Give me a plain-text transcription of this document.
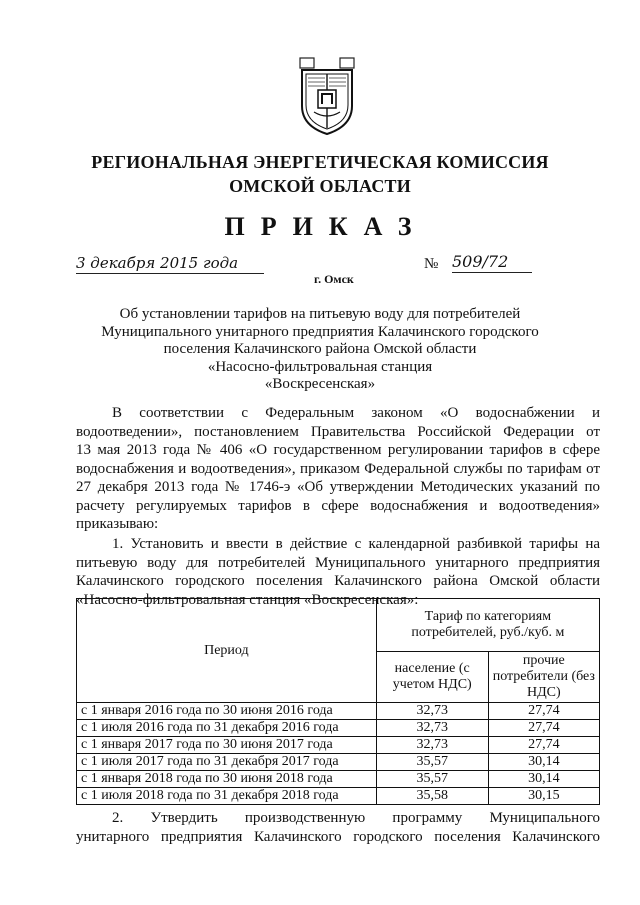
РЕГИОНАЛЬНАЯ ЭНЕРГЕТИЧЕСКАЯ КОМИССИЯ
ОМСКОЙ ОБЛАСТИ
ПРИКАЗ
3 декабря 2015 года
г. Омск
№ 509/72
Об установлении тарифов на питьевую воду для потребителей
Муниципального унитарного предприятия Калачинского городского
поселения Калачинского района Омской области
«Насосно-фильтровальная станция
«Воскресенская»
В соответствии с Федеральным законом «О водоснабжении и
водоотведении», постановлением Правительства Российской Федерации от
13 мая 2013 года № 406 «О государственном регулировании тарифов в сфере
водоснабжения и водоотведения», приказом Федеральной службы по тарифам от
27 декабря 2013 года № 1746-э «Об утверждении Методических указаний по
расчету регулируемых тарифов в сфере водоснабжения и водоотведения»
приказываю:
1. Установить и ввести в действие с календарной разбивкой тарифы на
питьевую воду для потребителей Муниципального унитарного предприятия
Калачинского городского поселения Калачинского района Омской области
«Насосно-фильтровальная станция «Воскресенская»:
Период	Тариф по категориям потребителей, руб./куб. м	
	население (с учетом НДС)	прочие потребители (без НДС)
с 1 января 2016 года по 30 июня 2016 года	32,73	27,74
с 1 июля 2016 года по 31 декабря 2016 года	32,73	27,74
с 1 января 2017 года по 30 июня 2017 года	32,73	27,74
с 1 июля 2017 года по 31 декабря 2017 года	35,57	30,14
с 1 января 2018 года по 30 июня 2018 года	35,57	30,14
с 1 июля 2018 года по 31 декабря 2018 года	35,58	30,15
2. Утвердить производственную программу Муниципального
унитарного предприятия Калачинского городского поселения Калачинского
